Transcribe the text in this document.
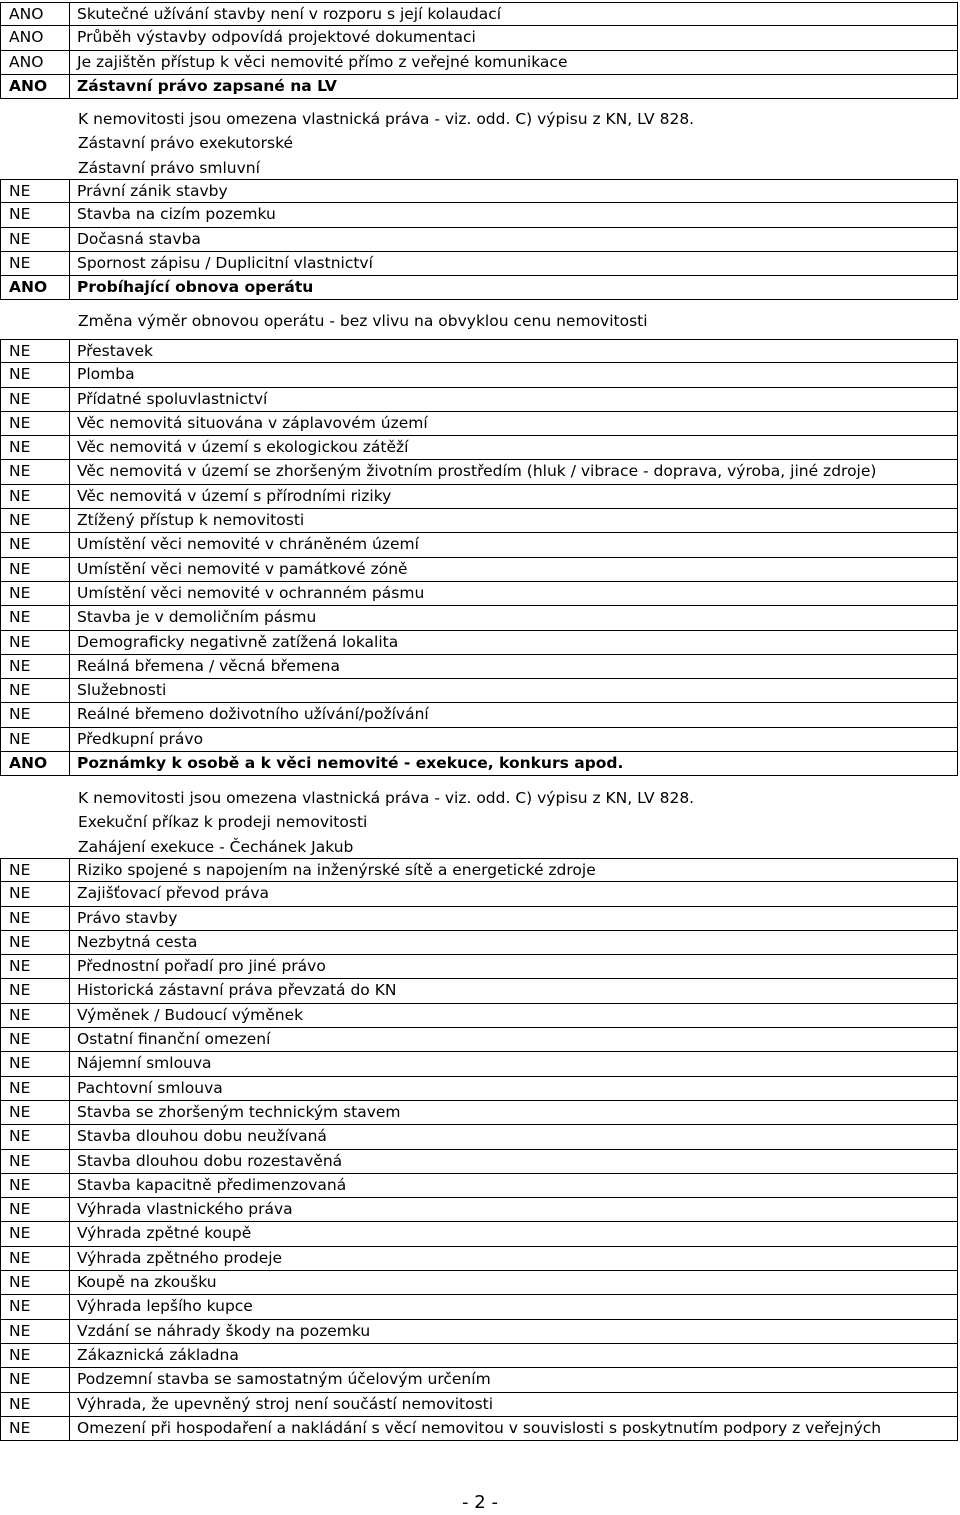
ANO	Skutečné užívání stavby není v rozporu s její kolaudací
ANO	Průběh výstavby odpovídá projektové dokumentaci
ANO	Je zajištěn přístup k věci nemovité přímo z veřejné komunikace
ANO	Zástavní právo zapsané na LV
K nemovitosti jsou omezena vlastnická práva - viz. odd. C) výpisu z KN, LV 828.
Zástavní právo exekutorské
Zástavní právo smluvní
NE	Právní zánik stavby
NE	Stavba na cizím pozemku
NE	Dočasná stavba
NE	Spornost zápisu / Duplicitní vlastnictví
ANO	Probíhající obnova operátu
Změna výměr obnovou operátu - bez vlivu na obvyklou cenu nemovitosti
NE	Přestavek
NE	Plomba
NE	Přídatné spoluvlastnictví
NE	Věc nemovitá situována v záplavovém území
NE	Věc nemovitá v území s ekologickou zátěží
NE	Věc nemovitá v území se zhoršeným životním prostředím (hluk / vibrace - doprava, výroba, jiné zdroje)
NE	Věc nemovitá v území s přírodními riziky
NE	Ztížený přístup k nemovitosti
NE	Umístění věci nemovité v chráněném území
NE	Umístění věci nemovité v památkové zóně
NE	Umístění věci nemovité v ochranném pásmu
NE	Stavba je v demoličním pásmu
NE	Demograficky negativně zatížená lokalita
NE	Reálná břemena / věcná břemena
NE	Služebnosti
NE	Reálné břemeno doživotního užívání/požívání
NE	Předkupní právo
ANO	Poznámky k osobě a k věci nemovité - exekuce, konkurs apod.
K nemovitosti jsou omezena vlastnická práva - viz. odd. C) výpisu z KN, LV 828.
Exekuční příkaz k prodeji nemovitosti
Zahájení exekuce - Čechánek Jakub
NE	Riziko spojené s napojením na inženýrské sítě a energetické zdroje
NE	Zajišťovací převod práva
NE	Právo stavby
NE	Nezbytná cesta
NE	Přednostní pořadí pro jiné právo
NE	Historická zástavní práva převzatá do KN
NE	Výměnek / Budoucí výměnek
NE	Ostatní finanční omezení
NE	Nájemní smlouva
NE	Pachtovní smlouva
NE	Stavba se zhoršeným technickým stavem
NE	Stavba dlouhou dobu neužívaná
NE	Stavba dlouhou dobu rozestavěná
NE	Stavba kapacitně předimenzovaná
NE	Výhrada vlastnického práva
NE	Výhrada zpětné koupě
NE	Výhrada zpětného prodeje
NE	Koupě na zkoušku
NE	Výhrada lepšího kupce
NE	Vzdání se náhrady škody na pozemku
NE	Zákaznická základna
NE	Podzemní stavba se samostatným účelovým určením
NE	Výhrada, že upevněný stroj není součástí nemovitosti
NE	Omezení při hospodaření a nakládání s věcí nemovitou v souvislosti s poskytnutím podpory z veřejných
- 2 -
